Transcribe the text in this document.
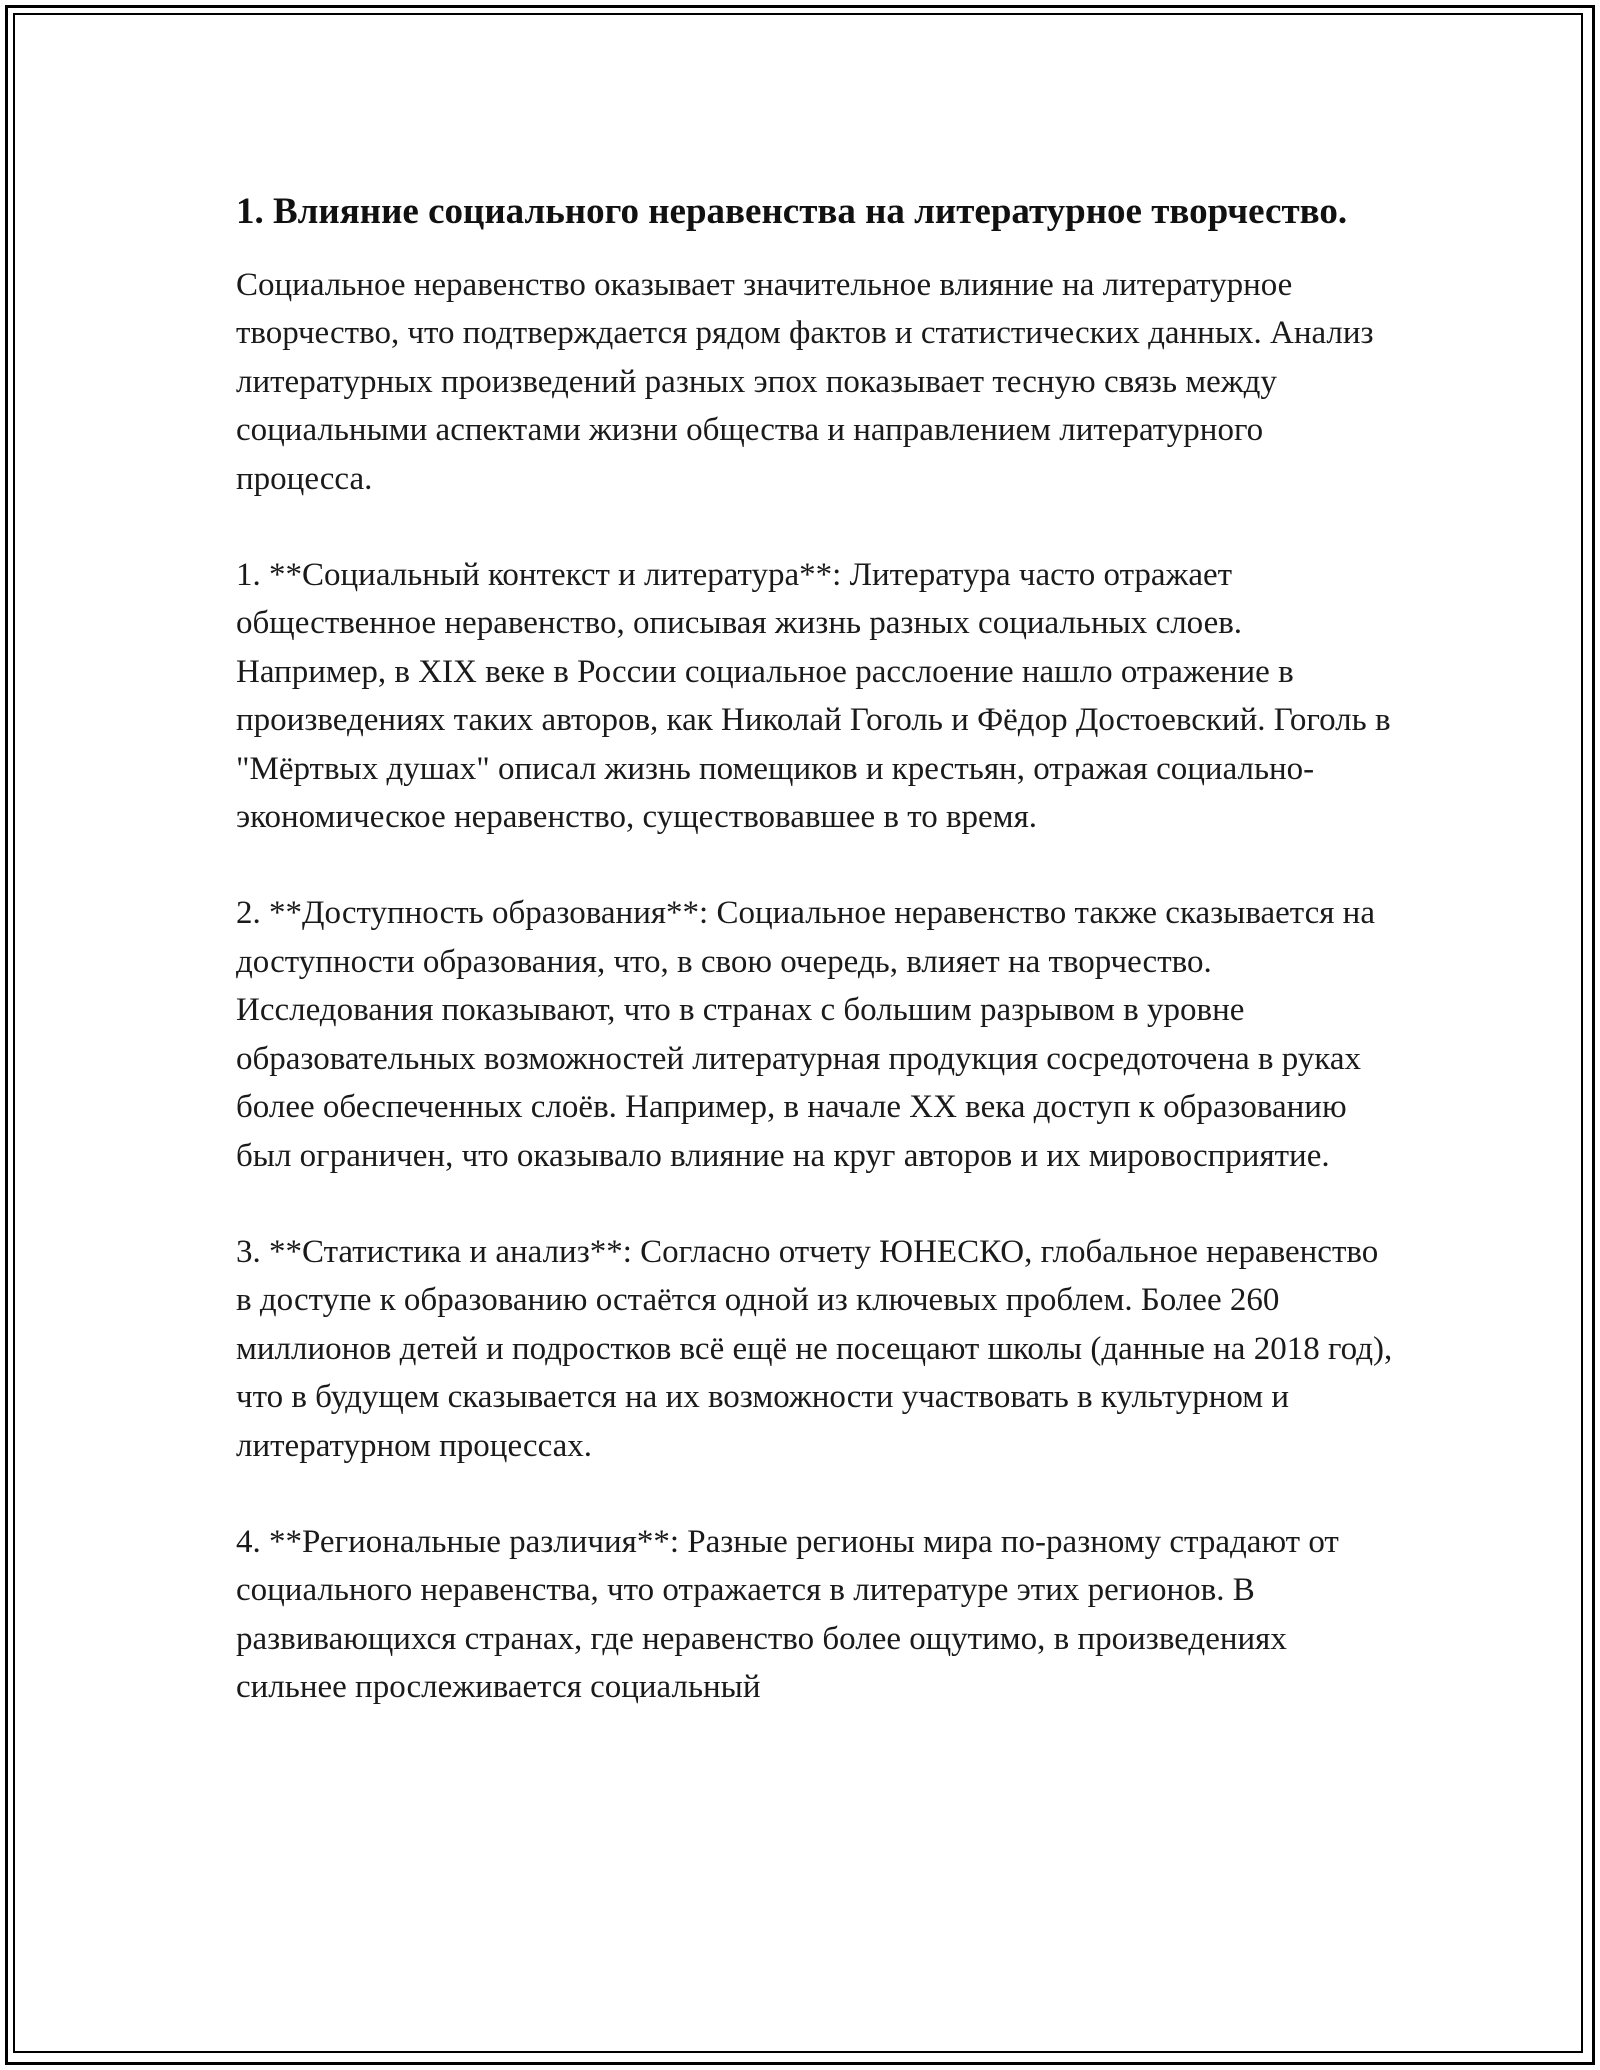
1. Влияние социального неравенства на литературное творчество.

Социальное неравенство оказывает значительное влияние на литературное творчество, что подтверждается рядом фактов и статистических данных. Анализ литературных произведений разных эпох показывает тесную связь между социальными аспектами жизни общества и направлением литературного процесса.

1. **Социальный контекст и литература**: Литература часто отражает общественное неравенство, описывая жизнь разных социальных слоев. Например, в XIX веке в России социальное расслоение нашло отражение в произведениях таких авторов, как Николай Гоголь и Фёдор Достоевский. Гоголь в "Мёртвых душах" описал жизнь помещиков и крестьян, отражая социально-экономическое неравенство, существовавшее в то время.

2. **Доступность образования**: Социальное неравенство также сказывается на доступности образования, что, в свою очередь, влияет на творчество. Исследования показывают, что в странах с большим разрывом в уровне образовательных возможностей литературная продукция сосредоточена в руках более обеспеченных слоёв. Например, в начале XX века доступ к образованию был ограничен, что оказывало влияние на круг авторов и их мировосприятие.

3. **Статистика и анализ**: Согласно отчету ЮНЕСКО, глобальное неравенство в доступе к образованию остаётся одной из ключевых проблем. Более 260 миллионов детей и подростков всё ещё не посещают школы (данные на 2018 год), что в будущем сказывается на их возможности участвовать в культурном и литературном процессах.

4. **Региональные различия**: Разные регионы мира по-разному страдают от социального неравенства, что отражается в литературе этих регионов. В развивающихся странах, где неравенство более ощутимо, в произведениях сильнее прослеживается социальный
